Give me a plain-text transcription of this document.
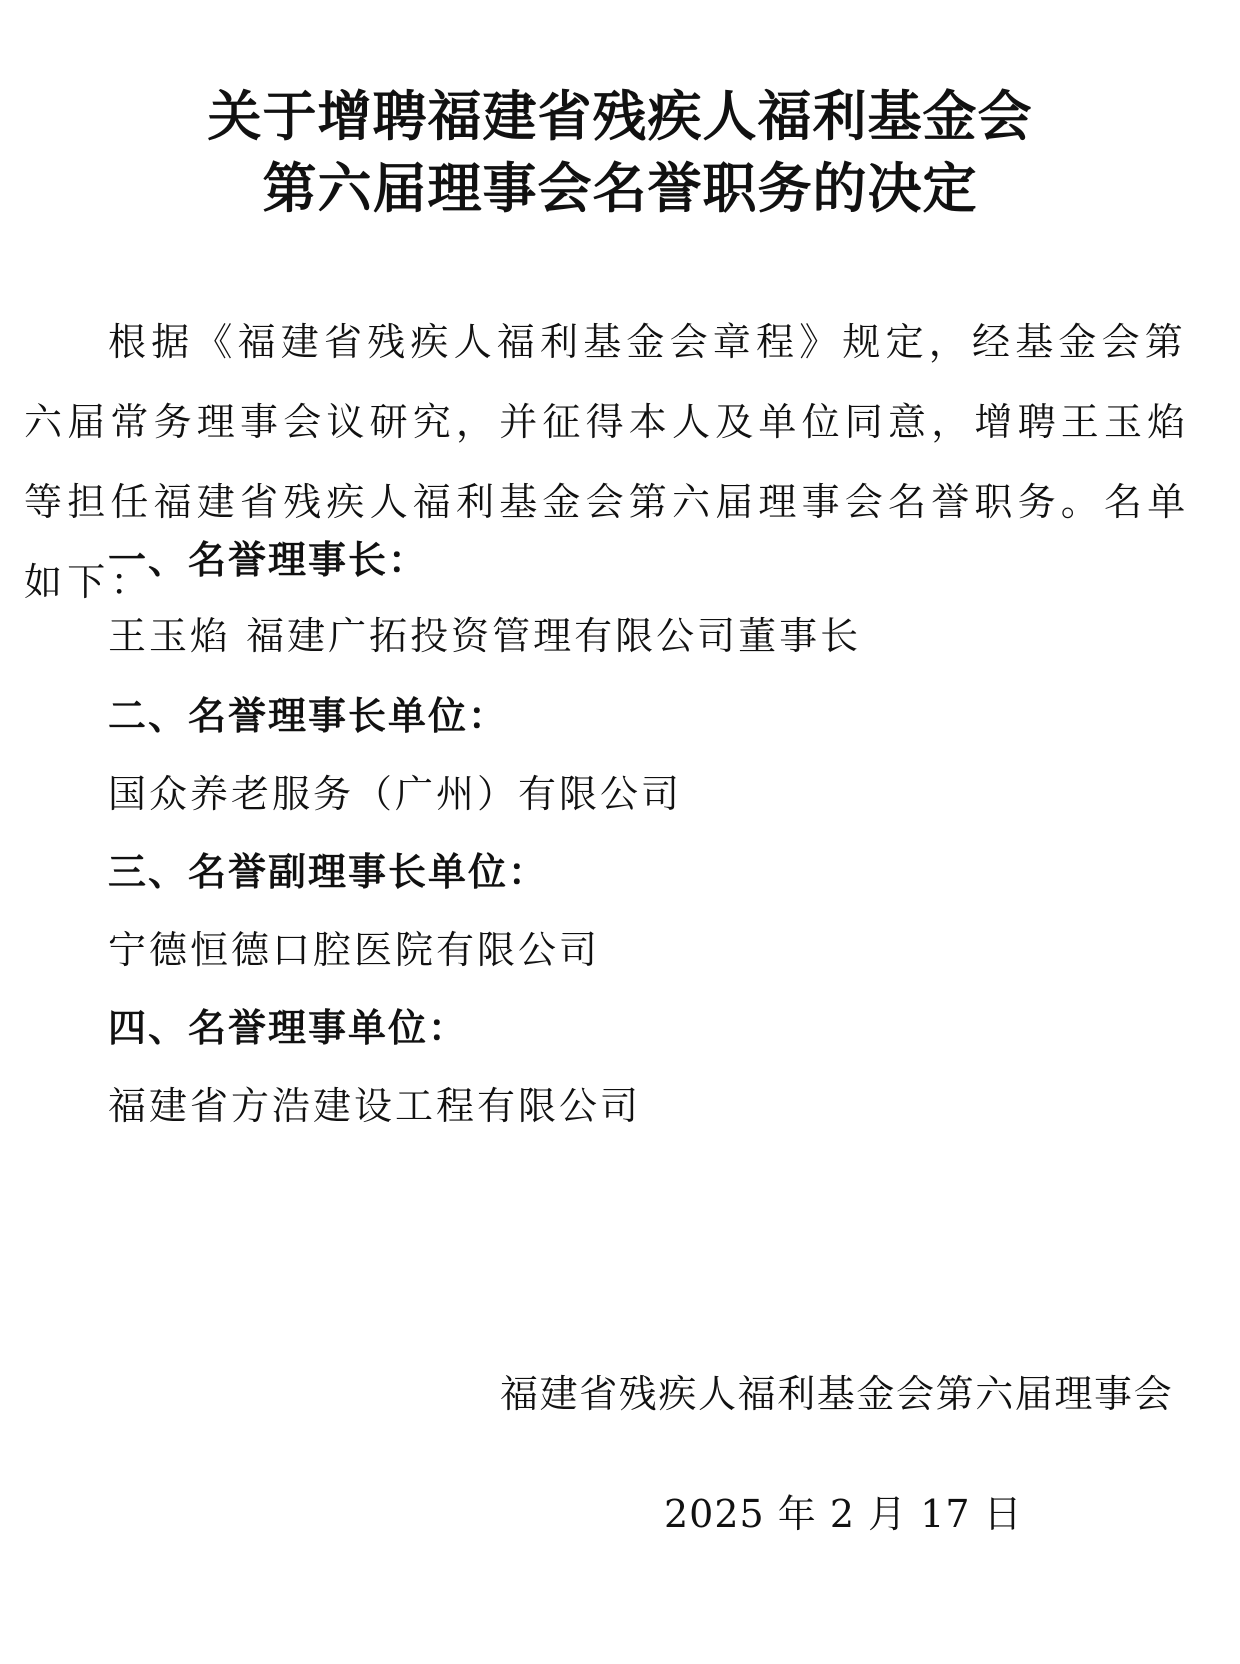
关于增聘福建省残疾人福利基金会
第六届理事会名誉职务的决定

根据《福建省残疾人福利基金会章程》规定，经基金会第六届常务理事会议研究，并征得本人及单位同意，增聘王玉焰等担任福建省残疾人福利基金会第六届理事会名誉职务。名单如下：

一、名誉理事长：
王玉焰 福建广拓投资管理有限公司董事长
二、名誉理事长单位：
国众养老服务（广州）有限公司
三、名誉副理事长单位：
宁德恒德口腔医院有限公司
四、名誉理事单位：
福建省方浩建设工程有限公司
福建省残疾人福利基金会第六届理事会
2025 年 2 月 17 日
